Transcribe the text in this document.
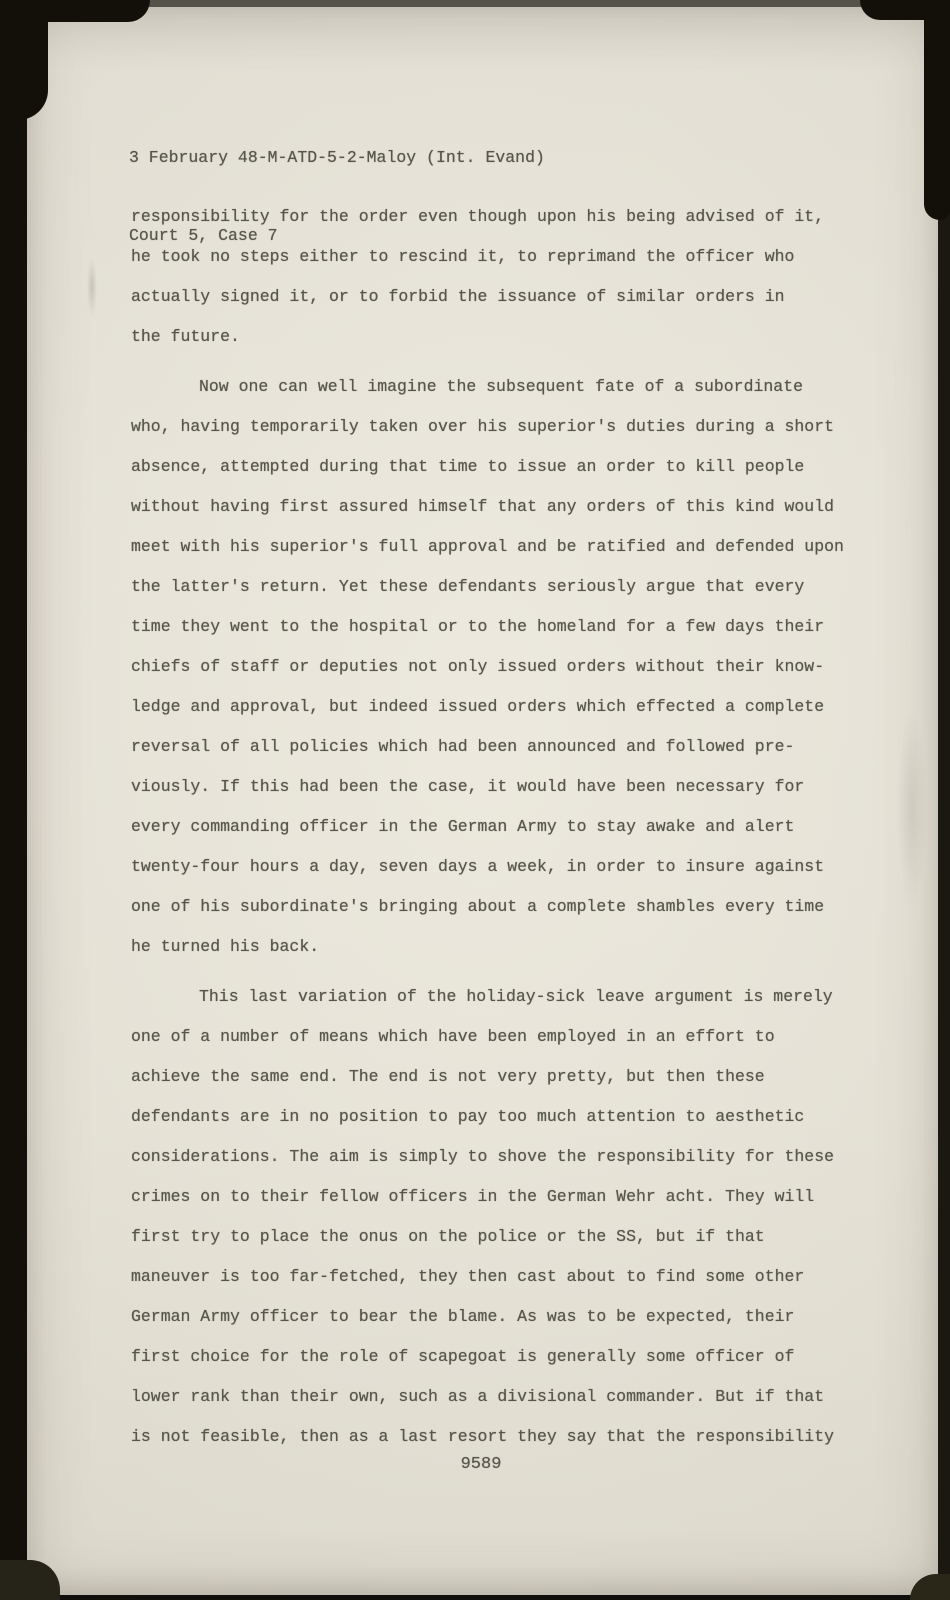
3 February 48-M-ATD-5-2-Maloy (Int. Evand)

Court 5, Case 7

responsibility for the order even though upon his being advised of it,
he took no steps either to rescind it, to reprimand the officer who
actually signed it, or to forbid the issuance of similar orders in
the future.
Now one can well imagine the subsequent fate of a subordinate
who, having temporarily taken over his superior's duties during a short
absence, attempted during that time to issue an order to kill people
without having first assured himself that any orders of this kind would
meet with his superior's full approval and be ratified and defended upon
the latter's return. Yet these defendants seriously argue that every
time they went to the hospital or to the homeland for a few days their
chiefs of staff or deputies not only issued orders without their know-
ledge and approval, but indeed issued orders which effected a complete
reversal of all policies which had been announced and followed pre-
viously. If this had been the case, it would have been necessary for
every commanding officer in the German Army to stay awake and alert
twenty-four hours a day, seven days a week, in order to insure against
one of his subordinate's bringing about a complete shambles every time
he turned his back.
This last variation of the holiday-sick leave argument is merely
one of a number of means which have been employed in an effort to
achieve the same end. The end is not very pretty, but then these
defendants are in no position to pay too much attention to aesthetic
considerations. The aim is simply to shove the responsibility for these
crimes on to their fellow officers in the German Wehr acht. They will
first try to place the onus on the police or the SS, but if that
maneuver is too far-fetched, they then cast about to find some other
German Army officer to bear the blame. As was to be expected, their
first choice for the role of scapegoat is generally some officer of
lower rank than their own, such as a divisional commander. But if that
is not feasible, then as a last resort they say that the responsibility
9589
